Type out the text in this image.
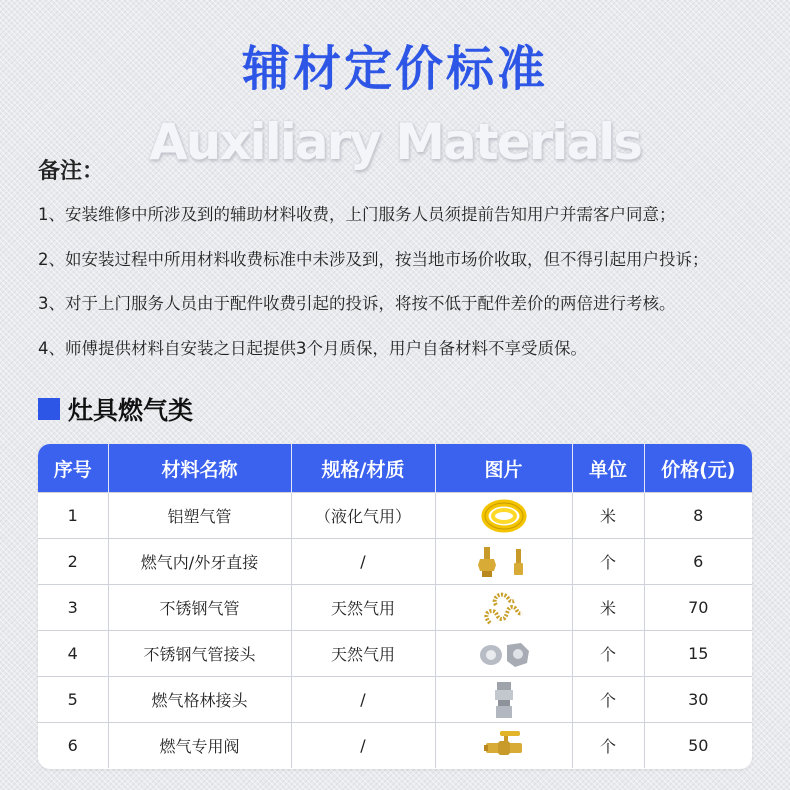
辅材定价标准
Auxiliary Materials
备注：
1、安装维修中所涉及到的辅助材料收费，上门服务人员须提前告知用户并需客户同意；
2、如安装过程中所用材料收费标准中未涉及到，按当地市场价收取，但不得引起用户投诉；
3、对于上门服务人员由于配件收费引起的投诉，将按不低于配件差价的两倍进行考核。
4、师傅提供材料自安装之日起提供3个月质保，用户自备材料不享受质保。
灶具燃气类
序号	材料名称	规格/材质	图片	单位	价格(元)
1	铝塑气管	（液化气用）		米	8
2	燃气内/外牙直接	/		个	6
3	不锈钢气管	天然气用		米	70
4	不锈钢气管接头	天然气用		个	15
5	燃气格林接头	/		个	30
6	燃气专用阀	/		个	50
